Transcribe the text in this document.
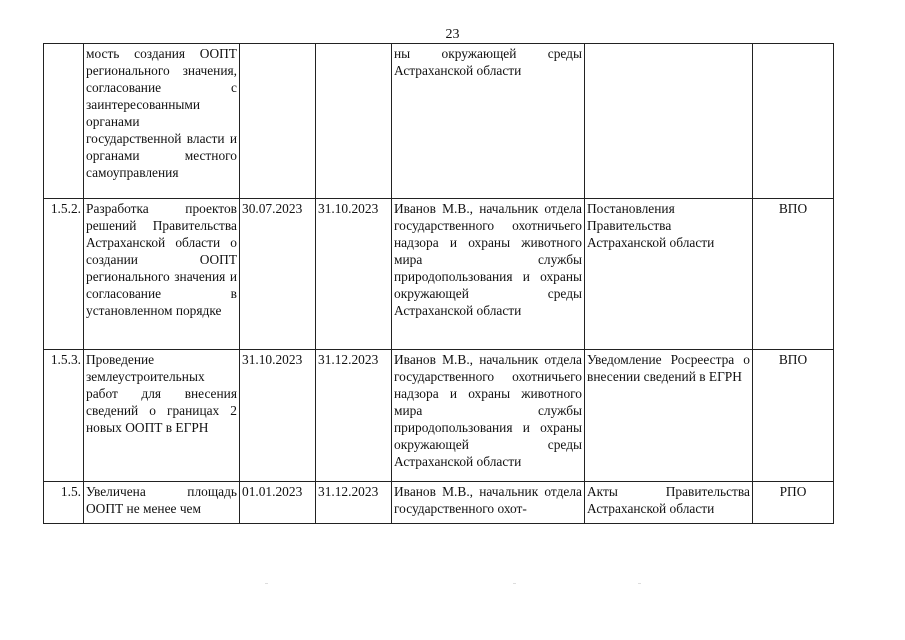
23
	мость создания ООПТ регионального значения, согласование с заинтересованными органами государственной власти и органами местного самоуправления			ны окружающей среды Астраханской области		
1.5.2.	Разработка проектов решений Правительства Астраханской области о создании ООПТ регионального значения и согласование в установленном порядке	30.07.2023	31.10.2023	Иванов М.В., начальник отдела государственного охотничьего надзора и охраны животного мира службы природопользования и охраны окружающей среды Астраханской области	Постановления Правительства Астраханской области	ВПО
1.5.3.	Проведение землеустроительных работ для внесения сведений о границах 2 новых ООПТ в ЕГРН	31.10.2023	31.12.2023	Иванов М.В., начальник отдела государственного охотничьего надзора и охраны животного мира службы природопользования и охраны окружающей среды Астраханской области	Уведомление Росреестра о внесении сведений в ЕГРН	ВПО
1.5.	Увеличена площадь ООПТ не менее чем	01.01.2023	31.12.2023	Иванов М.В., начальник отдела государственного охот-	Акты Правительства Астраханской области	РПО
